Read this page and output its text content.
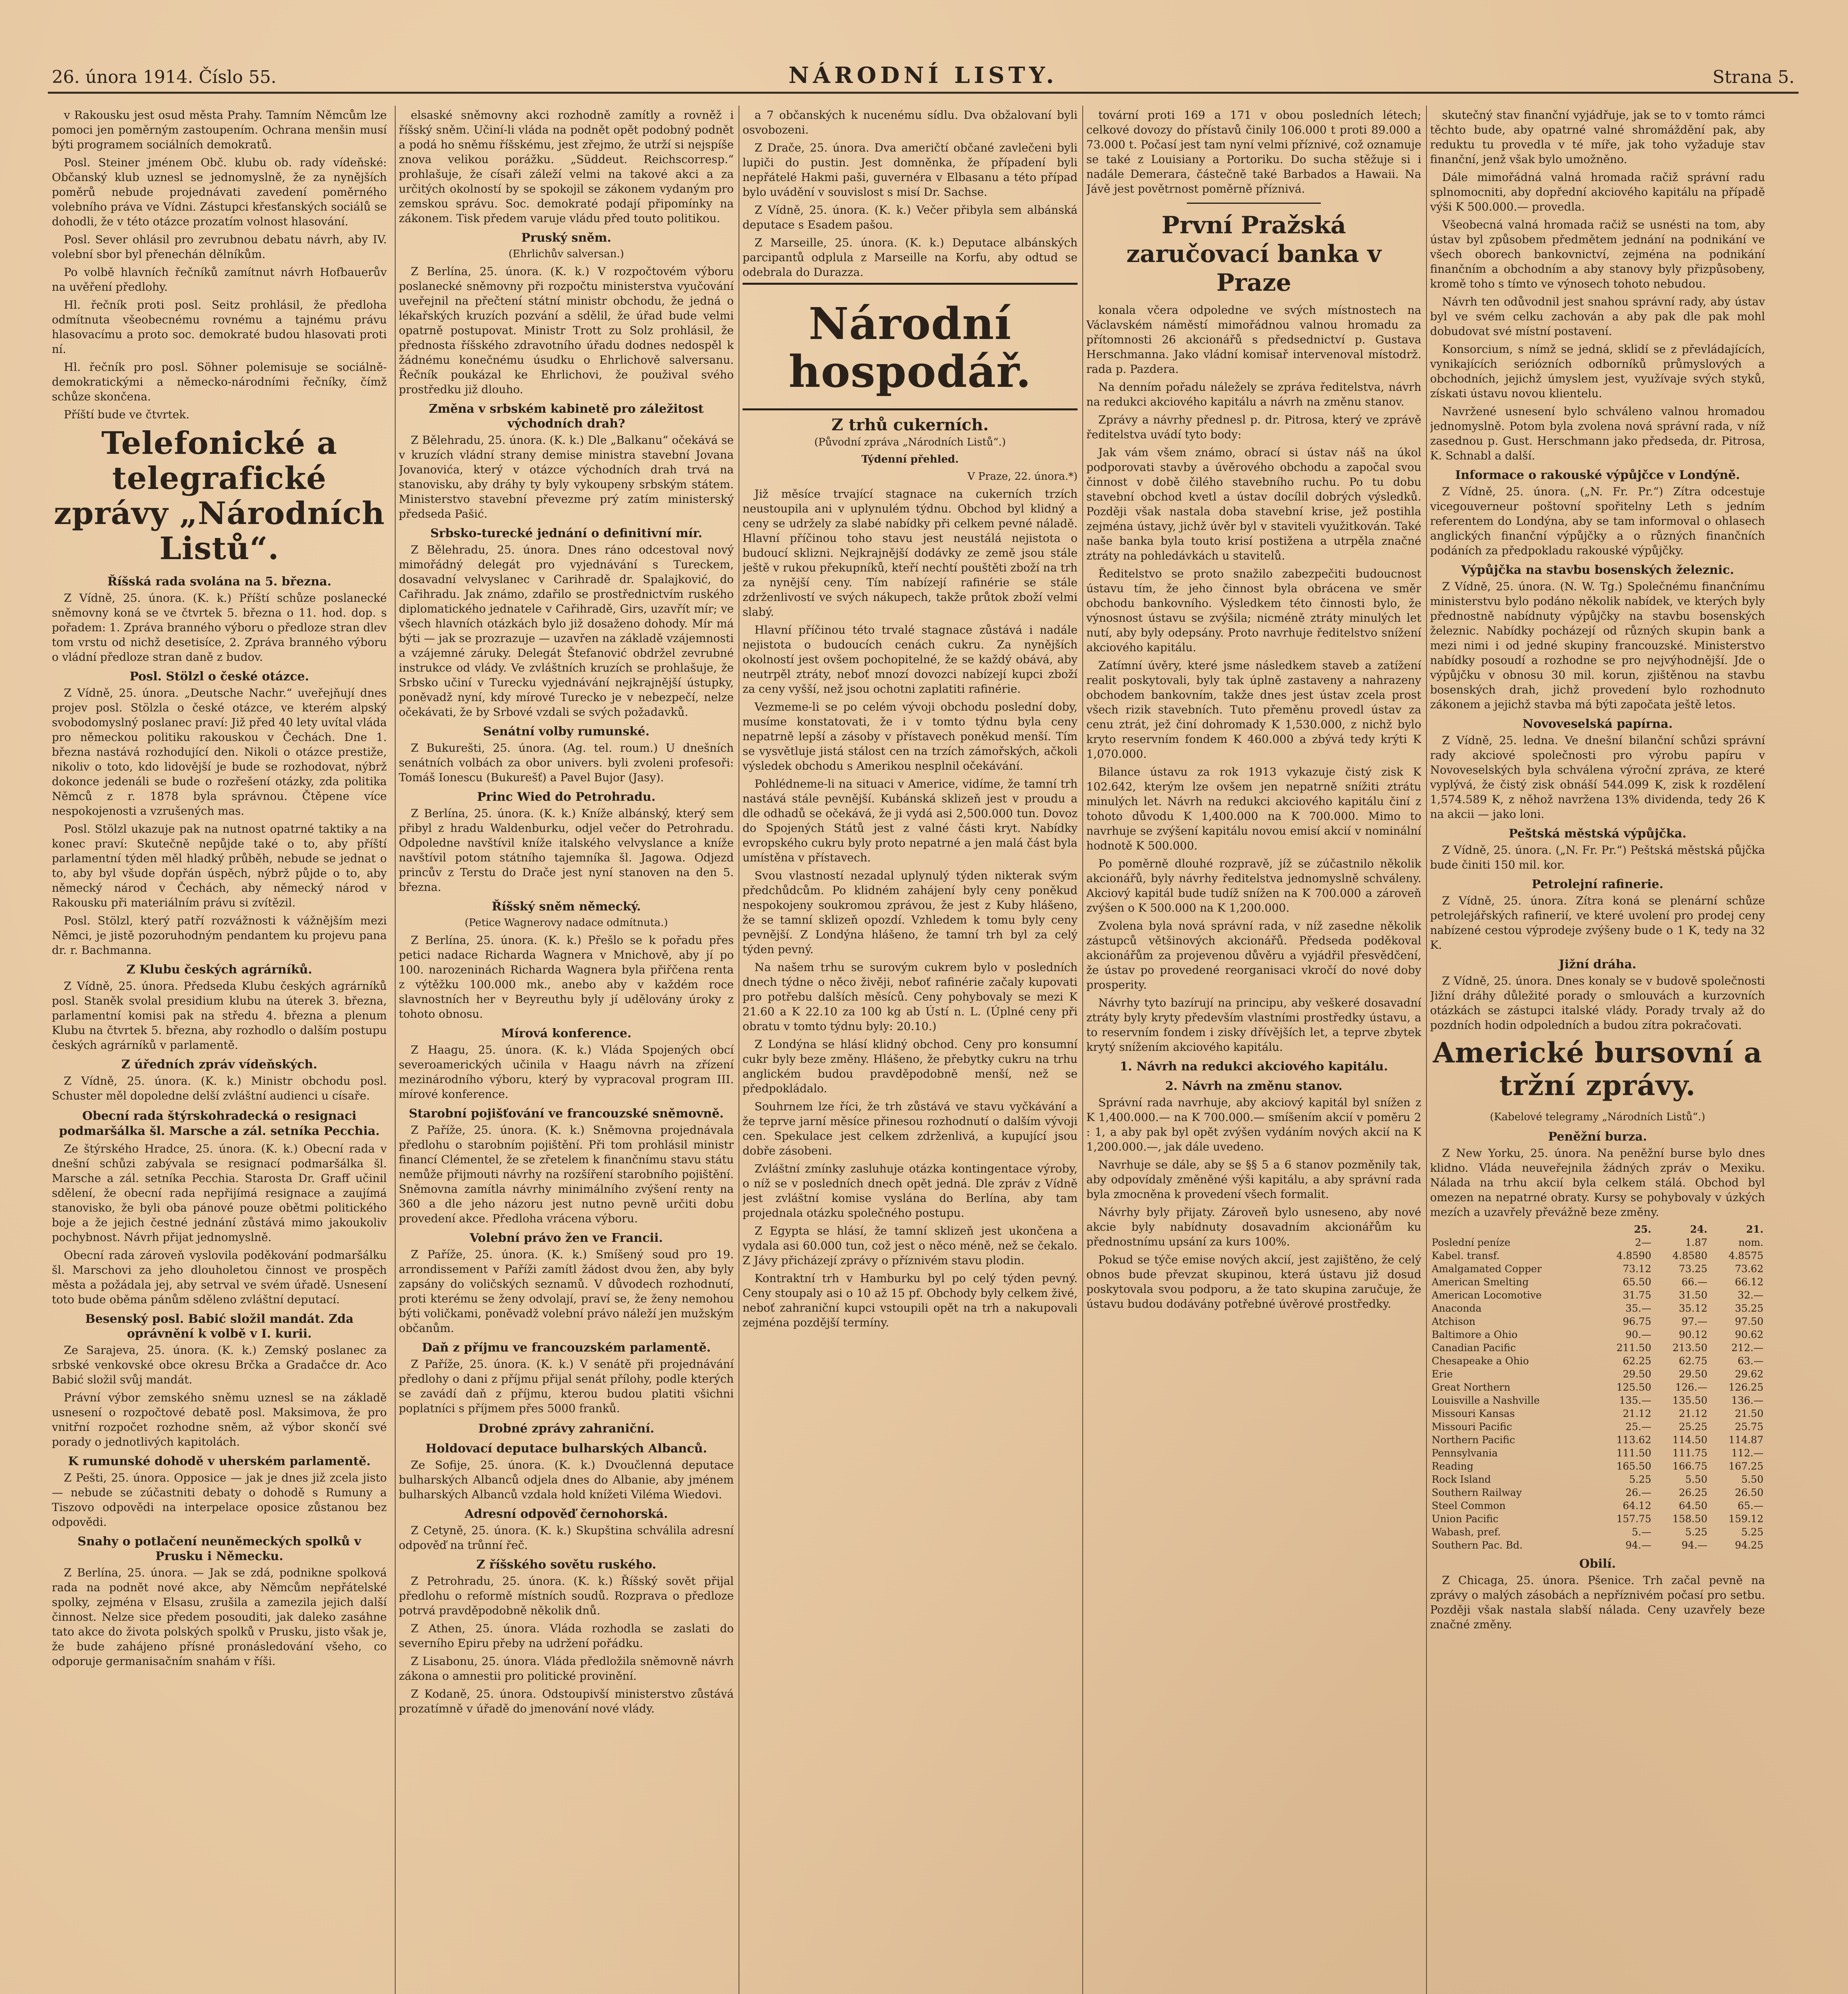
26. února 1914. Číslo 55.	NÁRODNÍ LISTY.	Strana 5.

v Rakousku jest osud města Prahy. Tamním Němcům lze pomoci jen poměrným zastoupením. Ochrana menšin musí býti programem sociálních demokratů.

Posl. Steiner jménem Obč. klubu ob. rady vídeňské: Občanský klub uznesl se jednomyslně, že za nynějších poměrů nebude projednávati zavedení poměrného volebního práva ve Vídni. Zástupci křesťanských sociálů se dohodli, že v této otázce prozatím volnost hlasování.

Posl. Sever ohlásil pro zevrubnou debatu návrh, aby IV. volební sbor byl přenechán dělníkům.

Po volbě hlavních řečníků zamítnut návrh Hofbauerův na uvěření předlohy.

Hl. řečník proti posl. Seitz prohlásil, že předloha odmítnuta všeobecnému rovnému a tajnému právu hlasovacímu a proto soc. demokraté budou hlasovati proti ní.

Hl. řečník pro posl. Söhner polemisuje se sociálně-demokratickými a německo-národními řečníky, čímž schůze skončena.

Příští bude ve čtvrtek.

Telefonické a telegrafické zprávy „Národních Listů“.
Říšská rada svolána na 5. března.

Z Vídně, 25. února. (K. k.) Příští schůze poslanecké sněmovny koná se ve čtvrtek 5. března o 11. hod. dop. s pořadem: 1. Zpráva branného výboru o předloze stran dlev tom vrstu od nichž desetisíce, 2. Zpráva branného výboru o vládní předloze stran daně z budov.

Posl. Stölzl o české otázce.

Z Vídně, 25. února. „Deutsche Nachr.“ uveřejňují dnes projev posl. Stölzla o české otázce, ve kterém alpský svobodomyslný poslanec praví: Již před 40 lety uvítal vláda pro německou politiku rakouskou v Čechách. Dne 1. března nastává rozhodující den. Nikoli o otázce prestiže, nikoliv o toto, kdo lidovější je bude se rozhodovat, nýbrž dokonce jedenáli se bude o rozřešení otázky, zda politika Němců z r. 1878 byla správnou. Čtěpene více nespokojenosti a vzrušených mas.

Posl. Stölzl ukazuje pak na nutnost opatrné taktiky a na konec praví: Skutečně nepůjde také o to, aby příští parlamentní týden měl hladký průběh, nebude se jednat o to, aby byl všude dopřán úspěch, nýbrž půjde o to, aby německý národ v Čechách, aby německý národ v Rakousku při materiálním právu si zvítězil.

Posl. Stölzl, který patří rozvážnosti k vážnějším mezi Němci, je jistě pozoruhodným pendantem ku projevu pana dr. r. Bachmanna.

Z Klubu českých agrárníků.

Z Vídně, 25. února. Předseda Klubu českých agrárníků posl. Staněk svolal presidium klubu na úterek 3. března, parlamentní komisi pak na středu 4. března a plenum Klubu na čtvrtek 5. března, aby rozhodlo o dalším postupu českých agrárníků v parlamentě.

Z úředních zpráv vídeňských.

Z Vídně, 25. února. (K. k.) Ministr obchodu posl. Schuster měl dopoledne delší zvláštní audienci u císaře.

Obecní rada štýrskohradecká o resignaci podmaršálka šl. Marsche a zál. setníka Pecchia.

Ze štýrského Hradce, 25. února. (K. k.) Obecní rada v dnešní schůzi zabývala se resignací podmaršálka šl. Marsche a zál. setníka Pecchia. Starosta Dr. Graff učinil sdělení, že obecní rada nepřijímá resignace a zaujímá stanovisko, že byli oba pánové pouze obětmi politického boje a že jejich čestné jednání zůstává mimo jakoukoliv pochybnost. Návrh přijat jednomyslně.

Obecní rada zároveň vyslovila poděkování podmaršálku šl. Marschovi za jeho dlouholetou činnost ve prospěch města a požádala jej, aby setrval ve svém úřadě. Usnesení toto bude oběma pánům sděleno zvláštní deputací.

Besenský posl. Babić složil mandát. Zda oprávnění k volbě v I. kurii.

Ze Sarajeva, 25. února. (K. k.) Zemský poslanec za srbské venkovské obce okresu Brčka a Gradačce dr. Aco Babić složil svůj mandát.

Právní výbor zemského sněmu uznesl se na základě usnesení o rozpočtové debatě posl. Maksimova, že pro vnitřní rozpočet rozhodne sněm, až výbor skončí své porady o jednotlivých kapitolách.

K rumunské dohodě v uherském parlamentě.

Z Pešti, 25. února. Opposice — jak je dnes již zcela jisto — nebude se zúčastniti debaty o dohodě s Rumuny a Tiszovo odpovědi na interpelace oposice zůstanou bez odpovědi.

Snahy o potlačení neuněmeckých spolků v Prusku i Německu.

Z Berlína, 25. února. — Jak se zdá, podnikne spolková rada na podnět nové akce, aby Němcům nepřátelské spolky, zejména v Elsasu, zrušila a zamezila jejich další činnost. Nelze sice předem posouditi, jak daleko zasáhne tato akce do života polských spolků v Prusku, jisto však je, že bude zahájeno přísné pronásledování všeho, co odporuje germanisačním snahám v říši.

elsaské sněmovny akci rozhodně zamítly a rovněž i říšský sněm. Učiní-li vláda na podnět opět podobný podnět a podá ho sněmu říšskému, jest zřejmo, že utrží si nejspíše znova velikou porážku. „Süddeut. Reichscorresp.“ prohlašuje, že císaři záleží velmi na takové akci a za určitých okolností by se spokojil se zákonem vydaným pro zemskou správu. Soc. demokraté podají připomínky na zákonem. Tisk předem varuje vládu před touto politikou.

Pruský sněm.
(Ehrlichův salversan.)

Z Berlína, 25. února. (K. k.) V rozpočtovém výboru poslanecké sněmovny při rozpočtu ministerstva vyučování uveřejnil na přečtení státní ministr obchodu, že jedná o lékařských kruzích pozvání a sdělil, že úřad bude velmi opatrně postupovat. Ministr Trott zu Solz prohlásil, že přednosta říšského zdravotního úřadu dodnes nedospěl k žádnému konečnému úsudku o Ehrlichově salversanu. Řečník poukázal ke Ehrlichovi, že použival svého prostředku již dlouho.

Změna v srbském kabinetě pro záležitost východních drah?

Z Bělehradu, 25. února. (K. k.) Dle „Balkanu“ očekává se v kruzích vládní strany demise ministra stavební Jovana Jovanovića, který v otázce východních drah trvá na stanovisku, aby dráhy ty byly vykoupeny srbským státem. Ministerstvo stavební převezme prý zatím ministerský předseda Pašić.

Srbsko-turecké jednání o definitivní mír.

Z Bělehradu, 25. února. Dnes ráno odcestoval nový mimořádný delegát pro vyjednávání s Tureckem, dosavadní velvyslanec v Carihradě dr. Spalajković, do Cařihradu. Jak známo, zdařilo se prostřednictvím ruského diplomatického jednatele v Cařihradě, Girs, uzavřít mír; ve všech hlavních otázkách bylo již dosaženo dohody. Mír má býti — jak se prozrazuje — uzavřen na základě vzájemnosti a vzájemné záruky. Delegát Štefanović obdržel zevrubné instrukce od vlády. Ve zvláštních kruzích se prohlašuje, že Srbsko učiní v Turecku vyjednávání nejkrajnější ústupky, poněvadž nyní, kdy mírové Turecko je v nebezpečí, nelze očekávati, že by Srbové vzdali se svých požadavků.

Senátní volby rumunské.

Z Bukurešti, 25. února. (Ag. tel. roum.) U dnešních senátních volbách za obor univers. byli zvoleni profesoři: Tomáš Ionescu (Bukurešť) a Pavel Bujor (Jasy).

Princ Wied do Petrohradu.

Z Berlína, 25. února. (K. k.) Kníže albánský, který sem přibyl z hradu Waldenburku, odjel večer do Petrohradu. Odpoledne navštívil kníže italského velvyslance a kníže navštívil potom státního tajemníka šl. Jagowa. Odjezd princův z Terstu do Drače jest nyní stanoven na den 5. března.

Říšský sněm německý.
(Petice Wagnerovy nadace odmítnuta.)

Z Berlína, 25. února. (K. k.) Přešlo se k pořadu přes petici nadace Richarda Wagnera v Mnichově, aby jí po 100. narozeninách Richarda Wagnera byla přiřčena renta z výtěžku 100.000 mk., anebo aby v každém roce slavnostních her v Beyreuthu byly jí udělovány úroky z tohoto obnosu.

Mírová konference.

Z Haagu, 25. února. (K. k.) Vláda Spojených obcí severoamerických učinila v Haagu návrh na zřízení mezinárodního výboru, který by vypracoval program III. mírové konference.

Starobní pojišťování ve francouzské sněmovně.

Z Paříže, 25. února. (K. k.) Sněmovna projednávala předlohu o starobním pojištění. Při tom prohlásil ministr financí Clémentel, že se zřetelem k finančnímu stavu státu nemůže přijmouti návrhy na rozšíření starobního pojištění. Sněmovna zamítla návrhy minimálního zvýšení renty na 360 a dle jeho názoru jest nutno pevně určiti dobu provedení akce. Předloha vrácena výboru.

Volební právo žen ve Francii.

Z Paříže, 25. února. (K. k.) Smíšený soud pro 19. arrondissement v Paříži zamítl žádost dvou žen, aby byly zapsány do voličských seznamů. V důvodech rozhodnutí, proti kterému se ženy odvolají, praví se, že ženy nemohou býti voličkami, poněvadž volební právo náleží jen mužským občanům.

Daň z příjmu ve francouzském parlamentě.

Z Paříže, 25. února. (K. k.) V senátě při projednávání předlohy o dani z příjmu přijal senát přílohy, podle kterých se zavádí daň z příjmu, kterou budou platiti všichni poplatníci s příjmem přes 5000 franků.

Drobné zprávy zahraniční.
Holdovací deputace bulharských Albanců.

Ze Sofije, 25. února. (K. k.) Dvoučlenná deputace bulharských Albanců odjela dnes do Albanie, aby jménem bulharských Albanců vzdala hold knížeti Viléma Wiedovi.

Adresní odpověď černohorská.

Z Cetyně, 25. února. (K. k.) Skupština schválila adresní odpověď na trůnní řeč.

Z říšského sovětu ruského.

Z Petrohradu, 25. února. (K. k.) Říšský sovět přijal předlohu o reformě místních soudů. Rozprava o předloze potrvá pravděpodobně několik dnů.

Z Athen, 25. února. Vláda rozhodla se zaslati do severního Epiru přeby na udržení pořádku.

Z Lisabonu, 25. února. Vláda předložila sněmovně návrh zákona o amnestii pro politické provinění.

Z Kodaně, 25. února. Odstoupivší ministerstvo zůstává prozatímně v úřadě do jmenování nové vlády.

a 7 občanských k nucenému sídlu. Dva obžalovaní byli osvobozeni.

Z Drače, 25. února. Dva američtí občané zavlečeni byli lupiči do pustin. Jest domněnka, že případení byli nepřátelé Hakmi paši, guvernéra v Elbasanu a této případ bylo uvádění v souvislost s misí Dr. Sachse.

Z Vídně, 25. února. (K. k.) Večer přibyla sem albánská deputace s Esadem pašou.

Z Marseille, 25. února. (K. k.) Deputace albánských parcipantů odplula z Marseille na Korfu, aby odtud se odebrala do Durazza.

Národní hospodář.
Z trhů cukerních.
(Původní zpráva „Národních Listů“.)
Týdenní přehled.
V Praze, 22. února.*)

Již měsíce trvající stagnace na cukerních trzích neustoupila ani v uplynulém týdnu. Obchod byl klidný a ceny se udržely za slabé nabídky při celkem pevné náladě. Hlavní příčinou toho stavu jest neustálá nejistota o budoucí sklizni. Nejkrajnější dodávky ze země jsou stále ještě v rukou překupníků, kteří nechtí pouštěti zboží na trh za nynější ceny. Tím nabízejí rafinérie se stále zdrženlivostí ve svých nákupech, takže průtok zboží velmi slabý.

Hlavní příčinou této trvalé stagnace zůstává i nadále nejistota o budoucích cenách cukru. Za nynějších okolností jest ovšem pochopitelné, že se každý obává, aby neutrpěl ztráty, neboť mnozí dovozci nabízejí kupci zboží za ceny vyšší, než jsou ochotni zaplatiti rafinérie.

Vezmeme-li se po celém vývoji obchodu poslední doby, musíme konstatovati, že i v tomto týdnu byla ceny nepatrně lepší a zásoby v přístavech poněkud menší. Tím se vysvětluje jistá stálost cen na trzích zámořských, ačkoli výsledek obchodu s Amerikou nesplnil očekávání.

Pohlédneme-li na situaci v Americe, vidíme, že tamní trh nastává stále pevnější. Kubánská sklizeň jest v proudu a dle odhadů se očekává, že ji vydá asi 2,500.000 tun. Dovoz do Spojených Států jest z valné části kryt. Nabídky evropského cukru byly proto nepatrné a jen malá část byla umístěna v přístavech.

Svou vlastností nezadal uplynulý týden nikterak svým předchůdcům. Po klidném zahájení byly ceny poněkud nespokojeny soukromou zprávou, že jest z Kuby hlášeno, že se tamní sklizeň opozdí. Vzhledem k tomu byly ceny pevnější. Z Londýna hlášeno, že tamní trh byl za celý týden pevný.

Na našem trhu se surovým cukrem bylo v posledních dnech týdne o něco živěji, neboť rafinérie začaly kupovati pro potřebu dalších měsíců. Ceny pohybovaly se mezi K 21.60 a K 22.10 za 100 kg ab Ústí n. L. (Úplné ceny při obratu v tomto týdnu byly: 20.10.)

Z Londýna se hlásí klidný obchod. Ceny pro konsumní cukr byly beze změny. Hlášeno, že přebytky cukru na trhu anglickém budou pravděpodobně menší, než se předpokládalo.

Souhrnem lze říci, že trh zůstává ve stavu vyčkávání a že teprve jarní měsíce přinesou rozhodnutí o dalším vývoji cen. Spekulace jest celkem zdrženlivá, a kupující jsou dobře zásobeni.

Zvláštní zmínky zasluhuje otázka kontingentace výroby, o níž se v posledních dnech opět jedná. Dle zpráv z Vídně jest zvláštní komise vyslána do Berlína, aby tam projednala otázku společného postupu.

Z Egypta se hlásí, že tamní sklizeň jest ukončena a vydala asi 60.000 tun, což jest o něco méně, než se čekalo. Z Jávy přicházejí zprávy o příznivém stavu plodin.

Kontraktní trh v Hamburku byl po celý týden pevný. Ceny stoupaly asi o 10 až 15 pf. Obchody byly celkem živé, neboť zahraniční kupci vstoupili opět na trh a nakupovali zejména pozdější termíny.

tovární proti 169 a 171 v obou posledních létech; celkové dovozy do přístavů činily 106.000 t proti 89.000 a 73.000 t. Počasí jest tam nyní velmi příznivé, což oznamuje se také z Louisiany a Portoriku. Do sucha stěžuje si i nadále Demerara, částečně také Barbados a Hawaii. Na Jávě jest povětrnost poměrně příznivá.

První Pražská zaručovací banka v Praze

konala včera odpoledne ve svých místnostech na Václavském náměstí mimořádnou valnou hromadu za přítomnosti 26 akcionářů s předsednictví p. Gustava Herschmanna. Jako vládní komisař intervenoval místodrž. rada p. Pazdera.

Na denním pořadu náležely se zpráva ředitelstva, návrh na redukci akciového kapitálu a návrh na změnu stanov.

Zprávy a návrhy přednesl p. dr. Pitrosa, který ve zprávě ředitelstva uvádí tyto body:

Jak vám všem známo, obrací si ústav náš na úkol podporovati stavby a úvěrového obchodu a započal svou činnost v době čilého stavebního ruchu. Po tu dobu stavební obchod kvetl a ústav docílil dobrých výsledků. Později však nastala doba stavební krise, jež postihla zejména ústavy, jichž úvěr byl v staviteli využitkován. Také naše banka byla touto krisí postižena a utrpěla značné ztráty na pohledávkách u stavitelů.

Ředitelstvo se proto snažilo zabezpečiti budoucnost ústavu tím, že jeho činnost byla obrácena ve směr obchodu bankovního. Výsledkem této činnosti bylo, že výnosnost ústavu se zvýšila; nicméně ztráty minulých let nutí, aby byly odepsány. Proto navrhuje ředitelstvo snížení akciového kapitálu.

Zatímní úvěry, které jsme následkem staveb a zatížení realit poskytovali, byly tak úplně zastaveny a nahrazeny obchodem bankovním, takže dnes jest ústav zcela prost všech rizik stavebních. Tuto přeměnu provedl ústav za cenu ztrát, jež činí dohromady K 1,530.000, z nichž bylo kryto reservním fondem K 460.000 a zbývá tedy krýti K 1,070.000.

Bilance ústavu za rok 1913 vykazuje čistý zisk K 102.642, kterým lze ovšem jen nepatrně snížiti ztrátu minulých let. Návrh na redukci akciového kapitálu činí z tohoto důvodu K 1,400.000 na K 700.000. Mimo to navrhuje se zvýšení kapitálu novou emisí akcií v nominální hodnotě K 500.000.

Po poměrně dlouhé rozpravě, jíž se zúčastnilo několik akcionářů, byly návrhy ředitelstva jednomyslně schváleny. Akciový kapitál bude tudíž snížen na K 700.000 a zároveň zvýšen o K 500.000 na K 1,200.000.

Zvolena byla nová správní rada, v níž zasedne několik zástupců většinových akcionářů. Předseda poděkoval akcionářům za projevenou důvěru a vyjádřil přesvědčení, že ústav po provedené reorganisaci vkročí do nové doby prosperity.

Návrhy tyto bazírují na principu, aby veškeré dosavadní ztráty byly kryty především vlastními prostředky ústavu, a to reservním fondem i zisky dřívějších let, a teprve zbytek krytý snížením akciového kapitálu.

1. Návrh na redukci akciového kapitálu.
2. Návrh na změnu stanov.

Správní rada navrhuje, aby akciový kapitál byl snížen z K 1,400.000.— na K 700.000.— smíšením akcií v poměru 2 : 1, a aby pak byl opět zvýšen vydáním nových akcií na K 1,200.000.—, jak dále uvedeno.

Navrhuje se dále, aby se §§ 5 a 6 stanov pozměnily tak, aby odpovídaly změněné výši kapitálu, a aby správní rada byla zmocněna k provedení všech formalit.

Návrhy byly přijaty. Zároveň bylo usneseno, aby nové akcie byly nabídnuty dosavadním akcionářům ku přednostnímu upsání za kurs 100%.

Pokud se týče emise nových akcií, jest zajištěno, že celý obnos bude převzat skupinou, která ústavu již dosud poskytovala svou podporu, a že tato skupina zaručuje, že ústavu budou dodávány potřebné úvěrové prostředky.

skutečný stav finanční vyjádřuje, jak se to v tomto rámci těchto bude, aby opatrné valné shromáždění pak, aby reduktu tu provedla v té míře, jak toho vyžaduje stav finanční, jenž však bylo umožněno.

Dále mimořádná valná hromada račiž správní radu splnomocniti, aby dopřední akciového kapitálu na případě výši K 500.000.— provedla.

Všeobecná valná hromada račiž se usnésti na tom, aby ústav byl způsobem předmětem jednání na podnikání ve všech oborech bankovnictví, zejména na podnikání finančním a obchodním a aby stanovy byly přizpůsobeny, kromě toho s tímto ve výnosech tohoto nebudou.

Návrh ten odůvodnil jest snahou správní rady, aby ústav byl ve svém celku zachován a aby pak dle pak mohl dobudovat své místní postavení.

Konsorcium, s nímž se jedná, sklidí se z převládajících, vynikajících seriózních odborníků průmyslových a obchodních, jejichž úmyslem jest, využívaje svých styků, získati ústavu novou klientelu.

Navržené usnesení bylo schváleno valnou hromadou jednomyslně. Potom byla zvolena nová správní rada, v níž zasednou p. Gust. Herschmann jako předseda, dr. Pitrosa, K. Schnabl a další.

Informace o rakouské výpůjčce v Londýně.

Z Vídně, 25. února. („N. Fr. Pr.“) Zítra odcestuje vicegouverneur poštovní spořitelny Leth s jedním referentem do Londýna, aby se tam informoval o ohlasech anglických finanční výpůjčky a o různých finančních podáních za předpokladu rakouské výpůjčky.

Výpůjčka na stavbu bosenských železnic.

Z Vídně, 25. února. (N. W. Tg.) Společnému finančnímu ministerstvu bylo podáno několik nabídek, ve kterých byly přednostně nabídnuty výpůjčky na stavbu bosenských železnic. Nabídky pocházejí od různých skupin bank a mezi nimi i od jedné skupiny francouzské. Ministerstvo nabídky posoudí a rozhodne se pro nejvýhodnější. Jde o výpůjčku v obnosu 30 mil. korun, zjištěnou na stavbu bosenských drah, jichž provedení bylo rozhodnuto zákonem a jejichž stavba má býti započata ještě letos.

Novoveselská papírna.

Z Vídně, 25. ledna. Ve dnešní bilanční schůzi správní rady akciové společnosti pro výrobu papíru v Novoveselských byla schválena výroční zpráva, ze které vyplývá, že čistý zisk obnáší 544.099 K, zisk k rozdělení 1,574.589 K, z něhož navržena 13% dividenda, tedy 26 K na akcii — jako loni.

Peštská městská výpůjčka.

Z Vídně, 25. února. („N. Fr. Pr.“) Peštská městská půjčka bude činiti 150 mil. kor.

Petrolejní rafinerie.

Z Vídně, 25. února. Zítra koná se plenární schůze petrolejářských rafinerií, ve které uvolení pro prodej ceny nabízené cestou výprodeje zvýšeny bude o 1 K, tedy na 32 K.

Jižní dráha.

Z Vídně, 25. února. Dnes konaly se v budově společnosti Jižní dráhy důležité porady o smlouvách a kurzovních otázkách se zástupci italské vlády. Porady trvaly až do pozdních hodin odpoledních a budou zítra pokračovati.

Americké bursovní a tržní zprávy.
(Kabelové telegramy „Národních Listů“.)
Peněžní burza.

Z New Yorku, 25. února. Na peněžní burse bylo dnes klidno. Vláda neuveřejnila žádných zpráv o Mexiku. Nálada na trhu akcií byla celkem stálá. Obchod byl omezen na nepatrné obraty. Kursy se pohybovaly v úzkých mezích a uzavřely převážně beze změny.

	25.	24.	21.
Poslední peníze	2—	1.87	nom.
Kabel. transf.	4.8590	4.8580	4.8575
Amalgamated Copper	73.12	73.25	73.62
American Smelting	65.50	66.—	66.12
American Locomotive	31.75	31.50	32.—
Anaconda	35.—	35.12	35.25
Atchison	96.75	97.—	97.50
Baltimore a Ohio	90.—	90.12	90.62
Canadian Pacific	211.50	213.50	212.—
Chesapeake a Ohio	62.25	62.75	63.—
Erie	29.50	29.50	29.62
Great Northern	125.50	126.—	126.25
Louisville a Nashville	135.—	135.50	136.—
Missouri Kansas	21.12	21.12	21.50
Missouri Pacific	25.—	25.25	25.75
Northern Pacific	113.62	114.50	114.87
Pennsylvania	111.50	111.75	112.—
Reading	165.50	166.75	167.25
Rock Island	5.25	5.50	5.50
Southern Railway	26.—	26.25	26.50
Steel Common	64.12	64.50	65.—
Union Pacific	157.75	158.50	159.12
Wabash, pref.	5.—	5.25	5.25
Southern Pac. Bd.	94.—	94.—	94.25
Obilí.

Z Chicaga, 25. února. Pšenice. Trh začal pevně na zprávy o malých zásobách a nepříznivém počasí pro setbu. Později však nastala slabší nálada. Ceny uzavřely beze značné změny.
